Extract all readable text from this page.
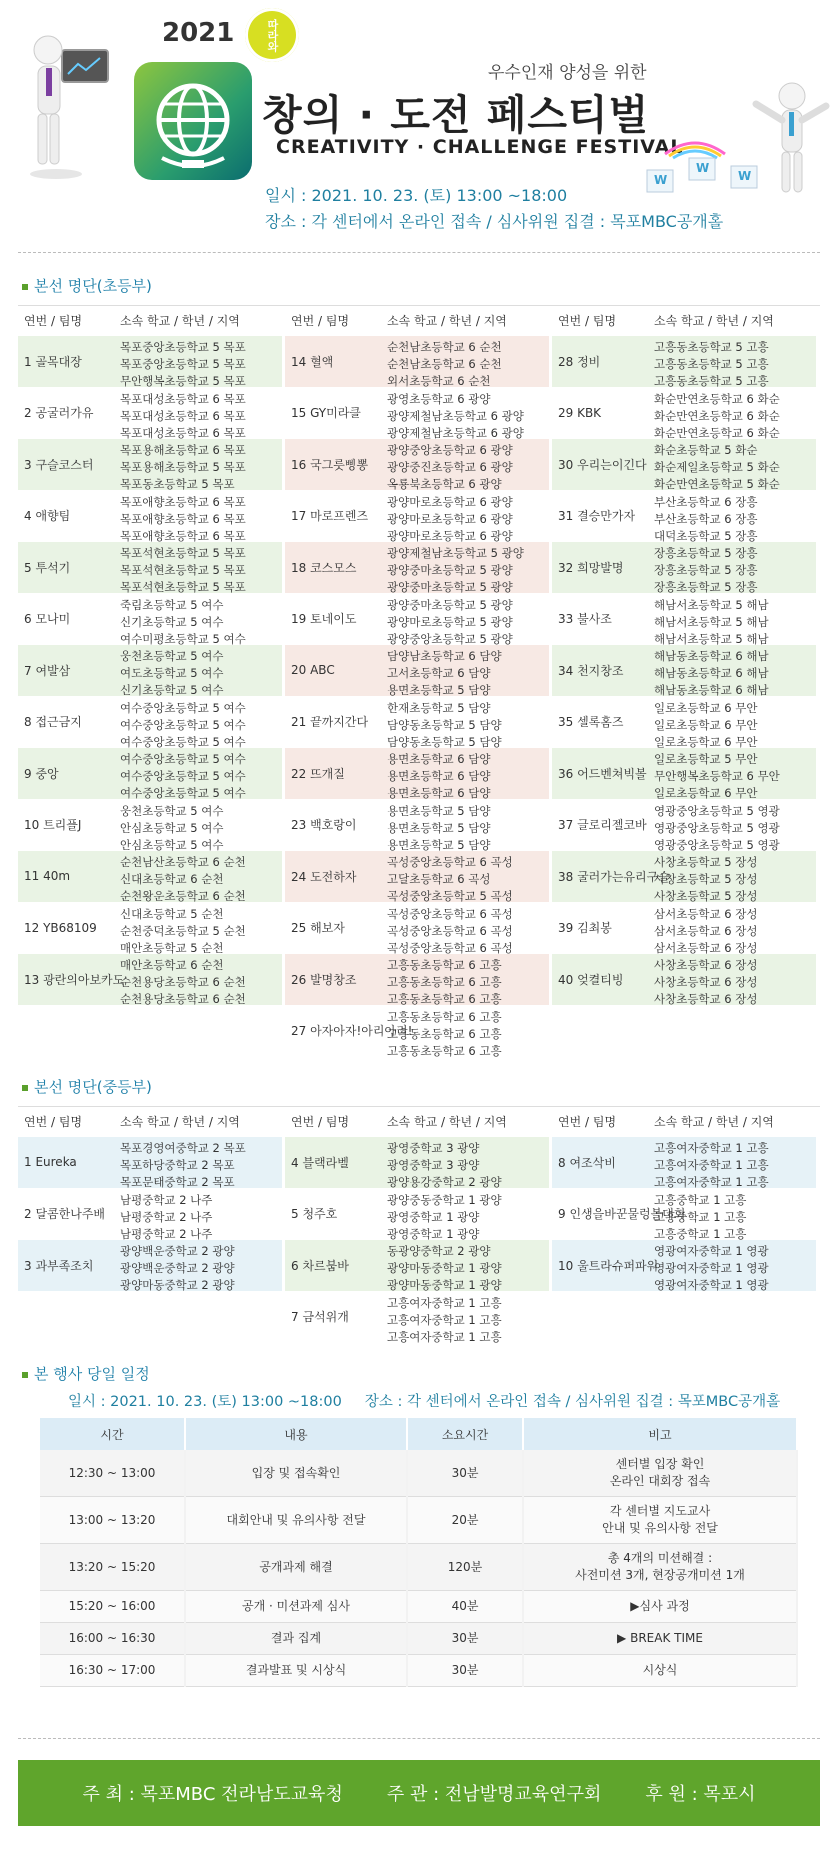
2021	따라와
우수인재 양성을 위한
창의 · 도전 페스티벌
CREATIVITY · CHALLENGE FESTIVAL
일시 : 2021. 10. 23. (토) 13:00 ~18:00
장소 : 각 센터에서 온라인 접속 / 심사위원 집결 : 목포MBC공개홀
W
W
W
본선 명단(초등부)
연번 / 팀명	소속 학교 / 학년 / 지역
1 골목대장
목포중앙초등학교 5 목포
목포중앙초등학교 5 목포
무안행복초등학교 5 목포
2 공굴러가유
목포대성초등학교 6 목포
목포대성초등학교 6 목포
목포대성초등학교 6 목포
3 구슬코스터
목포용해초등학교 6 목포
목포용해초등학교 5 목포
목포동초등학교 5 목포
4 애향팀
목포애향초등학교 6 목포
목포애향초등학교 6 목포
목포애향초등학교 6 목포
5 투석기
목포석현초등학교 5 목포
목포석현초등학교 5 목포
목포석현초등학교 5 목포
6 모나미
죽림초등학교 5 여수
신기초등학교 5 여수
여수미평초등학교 5 여수
7 여발삼
웅천초등학교 5 여수
여도초등학교 5 여수
신기초등학교 5 여수
8 접근금지
여수중앙초등학교 5 여수
여수중앙초등학교 5 여수
여수중앙초등학교 5 여수
9 중앙
여수중앙초등학교 5 여수
여수중앙초등학교 5 여수
여수중앙초등학교 5 여수
10 트리플J
웅천초등학교 5 여수
안심초등학교 5 여수
안심초등학교 5 여수
11 40m
순천남산초등학교 6 순천
신대초등학교 6 순천
순천왕운초등학교 6 순천
12 YB68109
신대초등학교 5 순천
순천중덕초등학교 5 순천
매안초등학교 5 순천
13 광란의아보카도
매안초등학교 6 순천
순천용당초등학교 6 순천
순천용당초등학교 6 순천
연번 / 팀명	소속 학교 / 학년 / 지역
14 혈액
순천남초등학교 6 순천
순천남초등학교 6 순천
외서초등학교 6 순천
15 GY미라클
광영초등학교 6 광양
광양제철남초등학교 6 광양
광양제철남초등학교 6 광양
16 국그릇삥뽕
광양중앙초등학교 6 광양
광양중진초등학교 6 광양
옥룡북초등학교 6 광양
17 마로프렌즈
광양마로초등학교 6 광양
광양마로초등학교 6 광양
광양마로초등학교 6 광양
18 코스모스
광양제철남초등학교 5 광양
광양중마초등학교 5 광양
광양중마초등학교 5 광양
19 토네이도
광양중마초등학교 5 광양
광양마로초등학교 5 광양
광양중앙초등학교 5 광양
20 ABC
담양남초등학교 6 담양
고서초등학교 6 담양
용면초등학교 5 담양
21 끝까지간다
한재초등학교 5 담양
담양동초등학교 5 담양
담양동초등학교 5 담양
22 뜨개질
용면초등학교 6 담양
용면초등학교 6 담양
용면초등학교 6 담양
23 백호랑이
용면초등학교 5 담양
용면초등학교 5 담양
용면초등학교 5 담양
24 도전하자
곡성중앙초등학교 6 곡성
고달초등학교 6 곡성
곡성중앙초등학교 5 곡성
25 해보자
곡성중앙초등학교 6 곡성
곡성중앙초등학교 6 곡성
곡성중앙초등학교 6 곡성
26 발명창조
고흥동초등학교 6 고흥
고흥동초등학교 6 고흥
고흥동초등학교 6 고흥
27 아자아자!아리아리!
고흥동초등학교 6 고흥
고흥동초등학교 6 고흥
고흥동초등학교 6 고흥
연번 / 팀명	소속 학교 / 학년 / 지역
28 정비
고흥동초등학교 5 고흥
고흥동초등학교 5 고흥
고흥동초등학교 5 고흥
29 KBK
화순만연초등학교 6 화순
화순만연초등학교 6 화순
화순만연초등학교 6 화순
30 우리는이긴다
화순초등학교 5 화순
화순제일초등학교 5 화순
화순만연초등학교 5 화순
31 결승만가자
부산초등학교 6 장흥
부산초등학교 6 장흥
대덕초등학교 5 장흥
32 희망발명
장흥초등학교 5 장흥
장흥초등학교 5 장흥
장흥초등학교 5 장흥
33 불사조
해남서초등학교 5 해남
해남서초등학교 5 해남
해남서초등학교 5 해남
34 천지창조
해남동초등학교 6 해남
해남동초등학교 6 해남
해남동초등학교 6 해남
35 셀록홈즈
일로초등학교 6 무안
일로초등학교 6 무안
일로초등학교 6 무안
36 어드벤쳐빅볼
일로초등학교 5 무안
무안행복초등학교 6 무안
일로초등학교 6 무안
37 글로리젤코바
영광중앙초등학교 5 영광
영광중앙초등학교 5 영광
영광중앙초등학교 5 영광
38 굴러가는유리구슬
사창초등학교 5 장성
사창초등학교 5 장성
사창초등학교 5 장성
39 김최봉
삼서초등학교 6 장성
삼서초등학교 6 장성
삼서초등학교 6 장성
40 엊켤티빙
사창초등학교 6 장성
사창초등학교 6 장성
사창초등학교 6 장성
본선 명단(중등부)
연번 / 팀명	소속 학교 / 학년 / 지역
1 Eureka
목포경영여중학교 2 목포
목포하당중학교 2 목포
목포문태중학교 2 목포
2 달콤한나주배
남평중학교 2 나주
남평중학교 2 나주
남평중학교 2 나주
3 과부족조치
광양백운중학교 2 광양
광양백운중학교 2 광양
광양마동중학교 2 광양
연번 / 팀명	소속 학교 / 학년 / 지역
4 블랙라벨
광영중학교 3 광양
광영중학교 3 광양
광양용강중학교 2 광양
5 청주호
광양중동중학교 1 광양
광영중학교 1 광양
광영중학교 1 광양
6 차르붐바
동광양중학교 2 광양
광양마동중학교 1 광양
광양마동중학교 1 광양
7 금석위개
고흥여자중학교 1 고흥
고흥여자중학교 1 고흥
고흥여자중학교 1 고흥
연번 / 팀명	소속 학교 / 학년 / 지역
8 여조삭비
고흥여자중학교 1 고흥
고흥여자중학교 1 고흥
고흥여자중학교 1 고흥
9 인생을바꾼물렁볼대회
고흥중학교 1 고흥
고흥중학교 1 고흥
고흥중학교 1 고흥
10 울트라슈퍼파워
영광여자중학교 1 영광
영광여자중학교 1 영광
영광여자중학교 1 영광
본 행사 당일 일정
일시 : 2021. 10. 23. (토) 13:00 ~18:00     장소 : 각 센터에서 온라인 접속 / 심사위원 집결 : 목포MBC공개홀
시간	내용	소요시간	비고
12:30 ~ 13:00	입장 및 접속확인	30분	센터별 입장 확인
온라인 대회장 접속

13:00 ~ 13:20	대회안내 및 유의사항 전달	20분	각 센터별 지도교사
안내 및 유의사항 전달

13:20 ~ 15:20	공개과제 해결	120분	총 4개의 미션해결 :
사전미션 3개, 현장공개미션 1개

15:20 ~ 16:00	공개 · 미션과제 심사	40분	▶심사 과정

16:00 ~ 16:30	결과 집계	30분	▶ BREAK TIME

16:30 ~ 17:00	결과발표 및 시상식	30분	시상식
주 최 : 목포MBC 전라남도교육청 주 관 : 전남발명교육연구회 후 원 : 목포시
